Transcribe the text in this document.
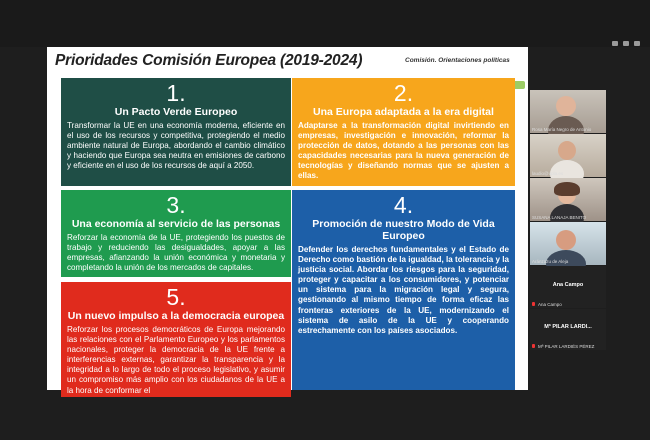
Prioridades Comisión Europea (2019-2024)	Comisión. Orientaciones políticas
1.
Un Pacto Verde Europeo

Transformar la UE en una economía moderna, eficiente en el uso de los recursos y competitiva, protegiendo el medio ambiente natural de Europa, abordando el cambio climático y haciendo que Europa sea neutra en emisiones de carbono y eficiente en el uso de los recursos de aquí a 2050.

2.
Una Europa adaptada a la era digital

Adaptarse a la transformación digital invirtiendo en empresas, investigación e innovación, reformar la protección de datos, dotando a las personas con las capacidades necesarias para la nueva generación de tecnologías y diseñando normas que se ajusten a ellas.

3.
Una economía al servicio de las personas

Reforzar la economía de la UE, protegiendo los puestos de trabajo y reduciendo las desigualdades, apoyar a las empresas, afianzando la unión económica y monetaria y completando la unión de los mercados de capitales.

4.
Promoción de nuestro Modo de Vida Europeo

Defender los derechos fundamentales y el Estado de Derecho como bastión de la igualdad, la tolerancia y la justicia social. Abordar los riesgos para la seguridad, proteger y capacitar a los consumidores, y potenciar un sistema para la migración legal y segura, gestionando al mismo tiempo de forma eficaz las fronteras exteriores de la UE, modernizando el sistema de asilo de la UE y cooperando estrechamente con los países asociados.

5.
Un nuevo impulso a la democracia europea

Reforzar los procesos democráticos de Europa mejorando las relaciones con el Parlamento Europeo y los parlamentos nacionales, proteger la democracia de la UE frente a interferencias externas, garantizar la transparencia y la integridad a lo largo de todo el proceso legislativo, y asumir un compromiso más amplio con los ciudadanos de la UE a la hora de conformar el

Rosa María Negro de Antonio
laudio@upla.es
SUSANA LANAJA BENITO
Aránzazu de Aleja
Ana Campo
Ana Campo
Mª PILAR LARDI...
Mª PILAR LARDIÉS PÉREZ
